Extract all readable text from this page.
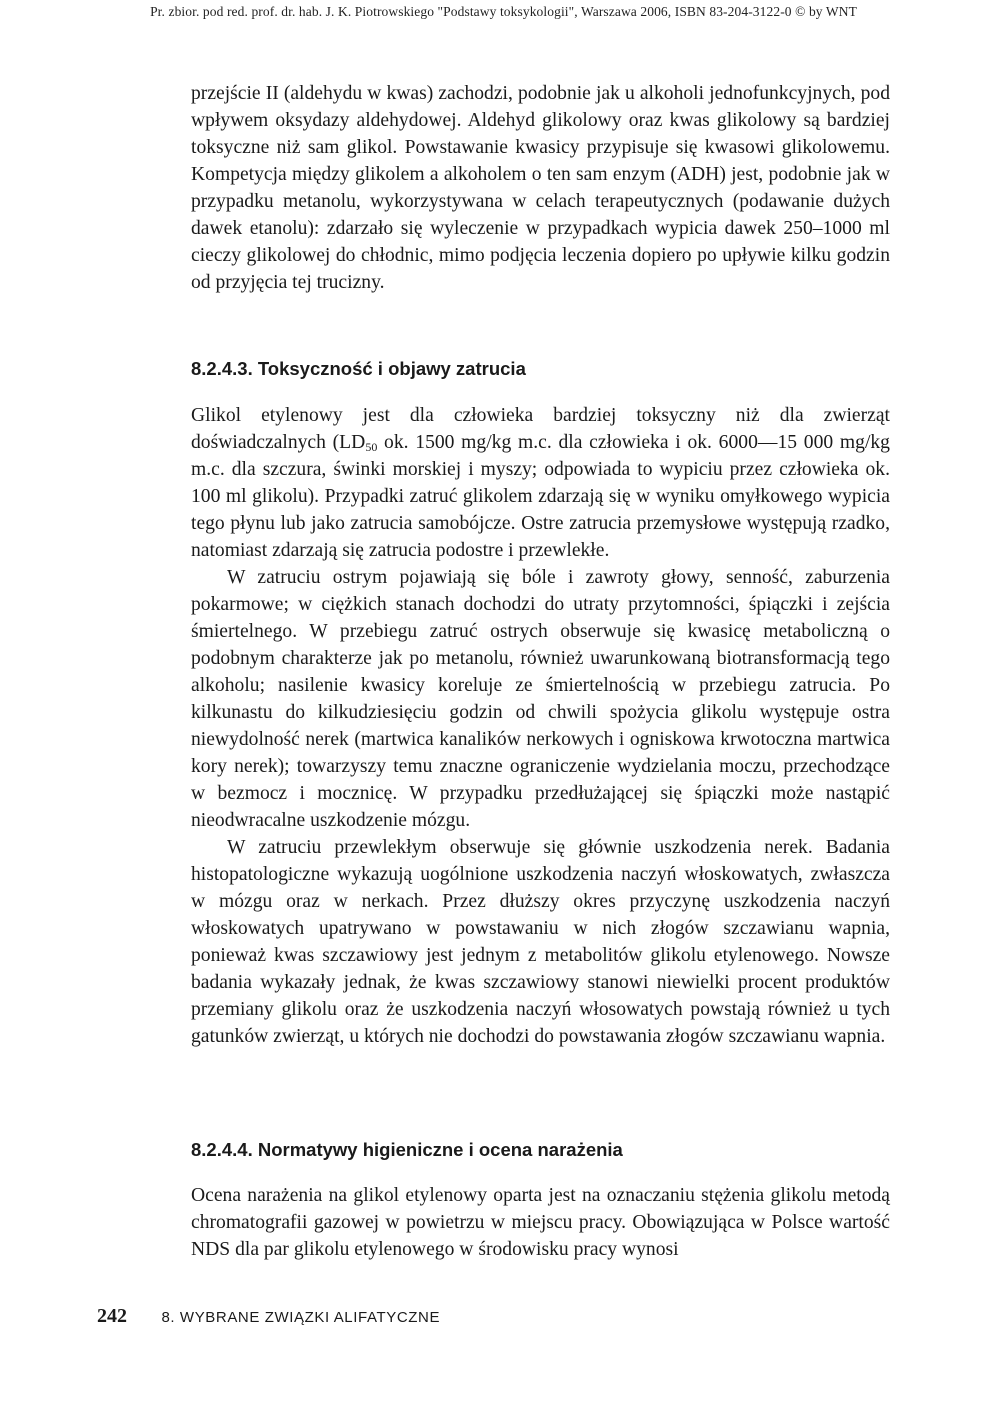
Pr. zbior. pod red. prof. dr. hab. J. K. Piotrowskiego "Podstawy toksykologii", Warszawa 2006, ISBN 83-204-3122-0 © by WNT

przejście II (aldehydu w kwas) zachodzi, podobnie jak u alkoholi jednofunkcyjnych, pod wpływem oksydazy aldehydowej. Aldehyd glikolowy oraz kwas glikolowy są bardziej toksyczne niż sam glikol. Powstawanie kwasicy przypisuje się kwasowi glikolowemu. Kompetycja między glikolem a alkoholem o ten sam enzym (ADH) jest, podobnie jak w przypadku metanolu, wykorzystywana w celach terapeutycznych (podawanie dużych dawek etanolu): zdarzało się wyleczenie w przypadkach wypicia dawek 250–1000 ml cieczy glikolowej do chłodnic, mimo podjęcia leczenia dopiero po upływie kilku godzin od przyjęcia tej trucizny.

8.2.4.3. Toksyczność i objawy zatrucia

Glikol etylenowy jest dla człowieka bardziej toksyczny niż dla zwierząt doświadczalnych ($LD_{50}$ ok. 1500 mg/kg m.c. dla człowieka i ok. 6000––15 000 mg/kg m.c. dla szczura, świnki morskiej i myszy; odpowiada to wypiciu przez człowieka ok. 100 ml glikolu). Przypadki zatruć glikolem zdarzają się w wyniku omyłkowego wypicia tego płynu lub jako zatrucia samobójcze. Ostre zatrucia przemysłowe występują rzadko, natomiast zdarzają się zatrucia podostre i przewlekłe.

W zatruciu ostrym pojawiają się bóle i zawroty głowy, senność, zaburzenia pokarmowe; w ciężkich stanach dochodzi do utraty przytomności, śpiączki i zejścia śmiertelnego. W przebiegu zatruć ostrych obserwuje się kwasicę metaboliczną o podobnym charakterze jak po metanolu, również uwarunkowaną biotransformacją tego alkoholu; nasilenie kwasicy koreluje ze śmiertelnością w przebiegu zatrucia. Po kilkunastu do kilkudziesięciu godzin od chwili spożycia glikolu występuje ostra niewydolność nerek (martwica kanalików nerkowych i ogniskowa krwotoczna martwica kory nerek); towarzyszy temu znaczne ograniczenie wydzielania moczu, przechodzące w bezmocz i mocznicę. W przypadku przedłużającej się śpiączki może nastąpić nieodwracalne uszkodzenie mózgu.

W zatruciu przewlekłym obserwuje się głównie uszkodzenia nerek. Badania histopatologiczne wykazują uogólnione uszkodzenia naczyń włoskowatych, zwłaszcza w mózgu oraz w nerkach. Przez dłuższy okres przyczynę uszkodzenia naczyń włoskowatych upatrywano w powstawaniu w nich złogów szczawianu wapnia, ponieważ kwas szczawiowy jest jednym z metabolitów glikolu etylenowego. Nowsze badania wykazały jednak, że kwas szczawiowy stanowi niewielki procent produktów przemiany glikolu oraz że uszkodzenia naczyń włosowatych powstają również u tych gatunków zwierząt, u których nie dochodzi do powstawania złogów szczawianu wapnia.

8.2.4.4. Normatywy higieniczne i ocena narażenia

Ocena narażenia na glikol etylenowy oparta jest na oznaczaniu stężenia glikolu metodą chromatografii gazowej w powietrzu w miejscu pracy. Obowiązująca w Polsce wartość NDS dla par glikolu etylenowego w środowisku pracy wynosi

242 8. WYBRANE ZWIĄZKI ALIFATYCZNE
